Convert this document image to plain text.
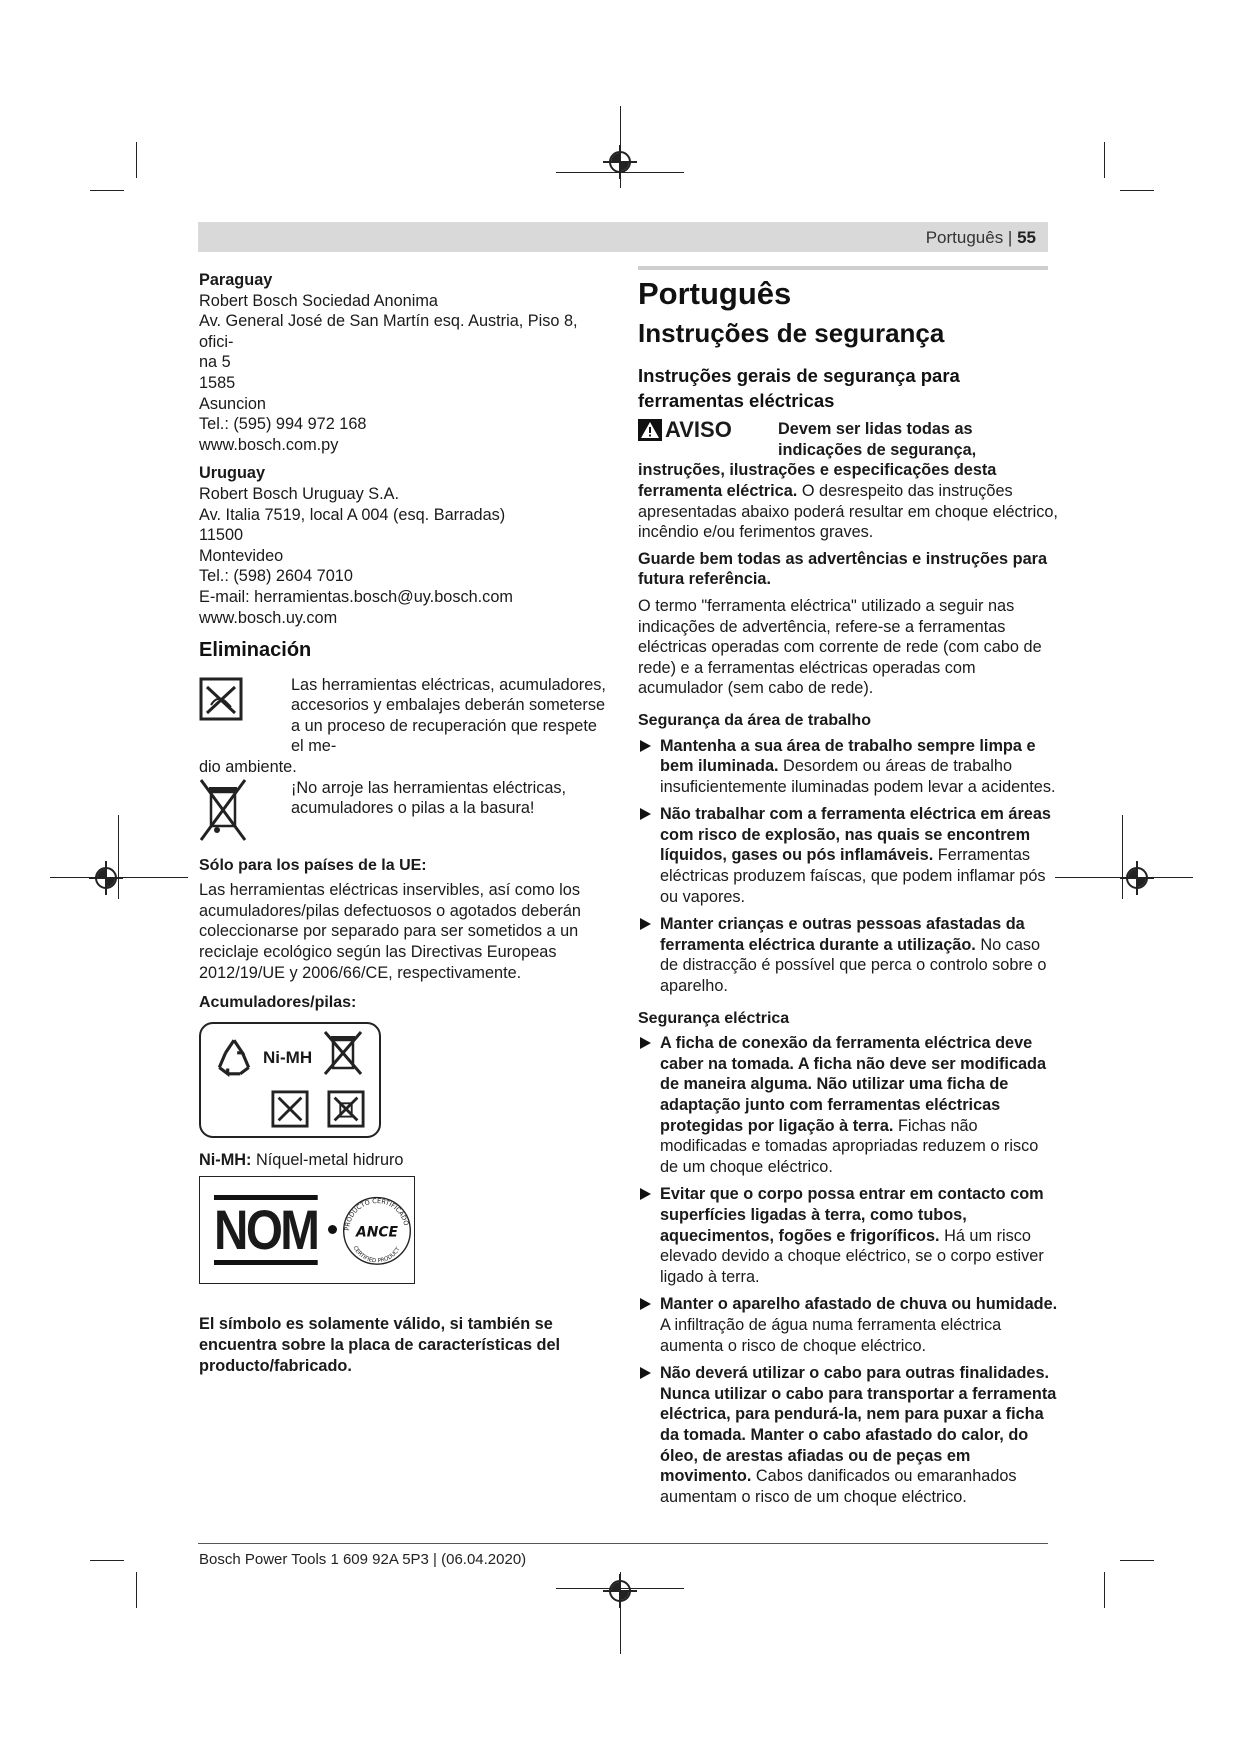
Português | 55

Paraguay

Robert Bosch Sociedad Anonima

Av. General José de San Martín esq. Austria, Piso 8, ofici-

na 5

1585

Asuncion

Tel.: (595) 994 972 168

www.bosch.com.py

Uruguay

Robert Bosch Uruguay S.A.

Av. Italia 7519, local A 004 (esq. Barradas)

11500

Montevideo

Tel.: (598) 2604 7010

E-mail: herramientas.bosch@uy.bosch.com

www.bosch.uy.com

Eliminación

Las herramientas eléctricas, acumuladores, accesorios y embalajes deberán someterse a un proceso de recuperación que respete el me-

dio ambiente.

¡No arroje las herramientas eléctricas, acumuladores o pilas a la basura!

Sólo para los países de la UE:

Las herramientas eléctricas inservibles, así como los acumuladores/pilas defectuosos o agotados deberán coleccionarse por separado para ser sometidos a un reciclaje ecológico según las Directivas Europeas 2012/19/UE y 2006/66/CE, respectivamente.

Acumuladores/pilas:

Ni-MH

Ni-MH: Níquel-metal hidruro

NOM	PRODUCTO CERTIFICADO
CERTIFIED PRODUCT
ANCE

El símbolo es solamente válido, si también se encuentra sobre la placa de características del producto/fabricado.

Português
Instruções de segurança
Instruções gerais de segurança para ferramentas eléctricas
AVISO	Devem ser lidas todas as

indicações de segurança,

instruções, ilustrações e especificações desta ferramenta eléctrica. O desrespeito das instruções apresentadas abaixo poderá resultar em choque eléctrico, incêndio e/ou ferimentos graves.

Guarde bem todas as advertências e instruções para futura referência.

O termo "ferramenta eléctrica" utilizado a seguir nas indicações de advertência, refere-se a ferramentas eléctricas operadas com corrente de rede (com cabo de rede) e a ferramentas eléctricas operadas com acumulador (sem cabo de rede).

Segurança da área de trabalho

Mantenha a sua área de trabalho sempre limpa e bem iluminada. Desordem ou áreas de trabalho insuficientemente iluminadas podem levar a acidentes.
Não trabalhar com a ferramenta eléctrica em áreas com risco de explosão, nas quais se encontrem líquidos, gases ou pós inflamáveis. Ferramentas eléctricas produzem faíscas, que podem inflamar pós ou vapores.
Manter crianças e outras pessoas afastadas da ferramenta eléctrica durante a utilização. No caso de distracção é possível que perca o controlo sobre o aparelho.

Segurança eléctrica

A ficha de conexão da ferramenta eléctrica deve caber na tomada. A ficha não deve ser modificada de maneira alguma. Não utilizar uma ficha de adaptação junto com ferramentas eléctricas protegidas por ligação à terra. Fichas não modificadas e tomadas apropriadas reduzem o risco de um choque eléctrico.
Evitar que o corpo possa entrar em contacto com superfícies ligadas à terra, como tubos, aquecimentos, fogões e frigoríficos. Há um risco elevado devido a choque eléctrico, se o corpo estiver ligado à terra.
Manter o aparelho afastado de chuva ou humidade. A infiltração de água numa ferramenta eléctrica aumenta o risco de choque eléctrico.
Não deverá utilizar o cabo para outras finalidades. Nunca utilizar o cabo para transportar a ferramenta eléctrica, para pendurá-la, nem para puxar a ficha da tomada. Manter o cabo afastado do calor, do óleo, de arestas afiadas ou de peças em movimento. Cabos danificados ou emaranhados aumentam o risco de um choque eléctrico.
Bosch Power Tools 1 609 92A 5P3 | (06.04.2020)
